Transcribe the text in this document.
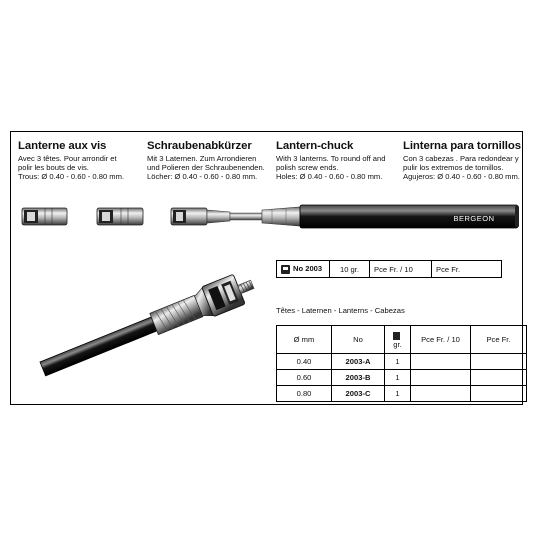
Lanterne aux vis
Avec 3 têtes. Pour arrondir et
polir les bouts de vis.
Trous: Ø 0.40 - 0.60 - 0.80 mm.
Schraubenabkürzer
Mit 3 Laternen. Zum Arrondieren
und Polieren der Schraubenenden.
Löcher: Ø 0.40 - 0.60 - 0.80 mm.
Lantern-chuck
With 3 lanterns. To round off and
polish screw ends.
Holes: Ø 0.40 - 0.60 - 0.80 mm.
Linterna para tornillos
Con 3 cabezas . Para redondear y
pulir los extremos de tornillos.
Agujeros: Ø 0.40 - 0.60 - 0.80 mm.
BERGEON
BERGEON
No 2003	10 gr.	Pce Fr. / 10	Pce Fr.
Têtes - Laternen - Lanterns - Cabezas
Ø mm	No	gr.	Pce Fr. / 10	Pce Fr.
0.40	2003-A	1		
0.60	2003-B	1		
0.80	2003-C	1		
